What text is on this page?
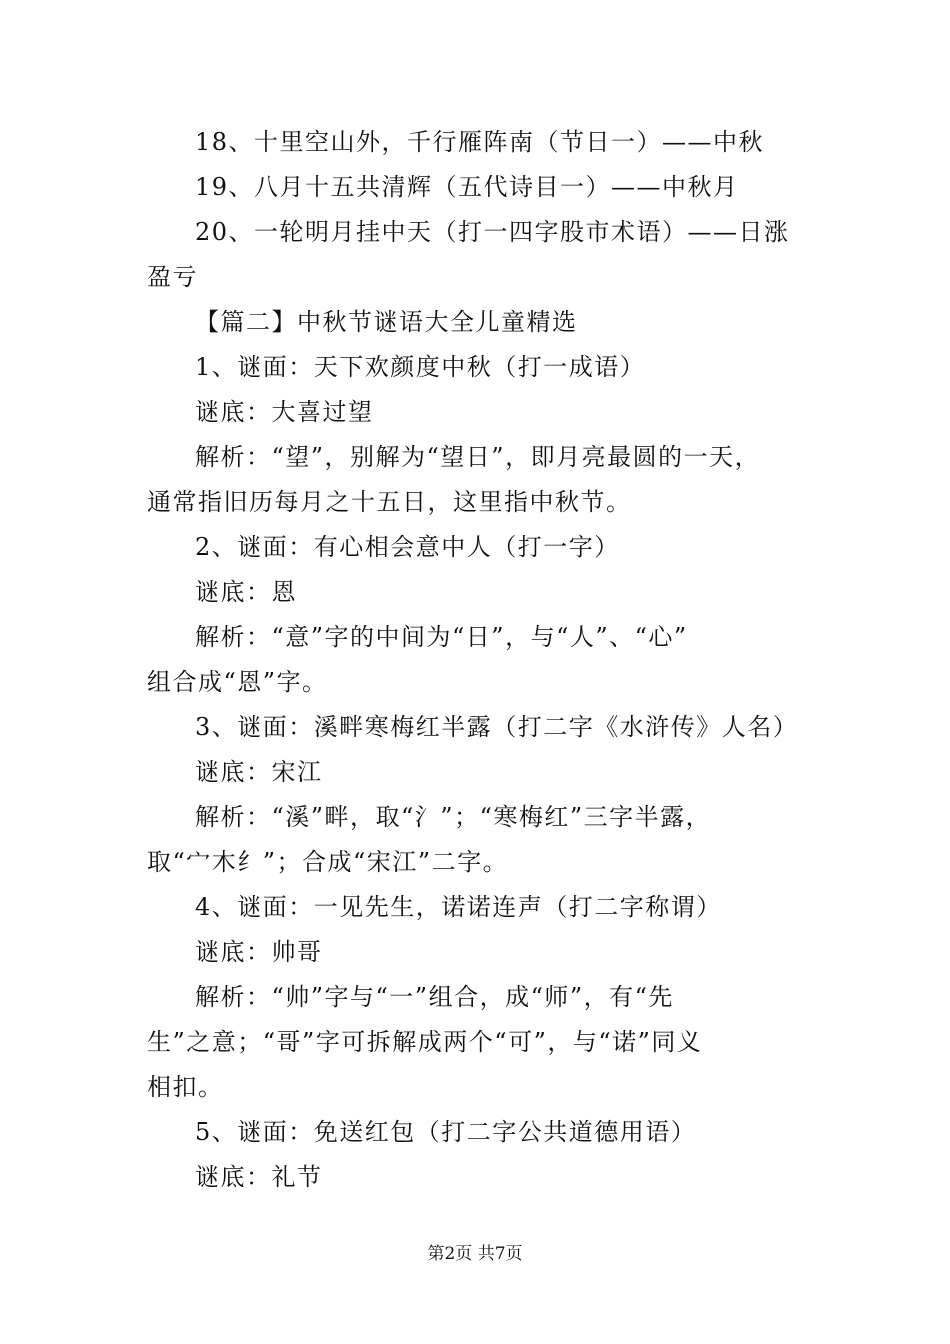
18、十里空山外，千行雁阵南（节日一）——中秋
19、八月十五共清辉（五代诗目一）——中秋月
20、一轮明月挂中天（打一四字股市术语）——日涨
盈亏
【篇二】中秋节谜语大全儿童精选
1、谜面：天下欢颜度中秋（打一成语）
谜底：大喜过望
解析：“望”，别解为“望日”，即月亮最圆的一天，
通常指旧历每月之十五日，这里指中秋节。
2、谜面：有心相会意中人（打一字）
谜底：恩
解析：“意”字的中间为“日”，与“人”、“心”
组合成“恩”字。
3、谜面：溪畔寒梅红半露（打二字《水浒传》人名）
谜底：宋江
解析：“溪”畔，取“氵”；“寒梅红”三字半露，
取“宀木纟”；合成“宋江”二字。
4、谜面：一见先生，诺诺连声（打二字称谓）
谜底：帅哥
解析：“帅”字与“一”组合，成“师”，有“先
生”之意；“哥”字可拆解成两个“可”，与“诺”同义
相扣。
5、谜面：免送红包（打二字公共道德用语）
谜底：礼节
第2页 共7页
